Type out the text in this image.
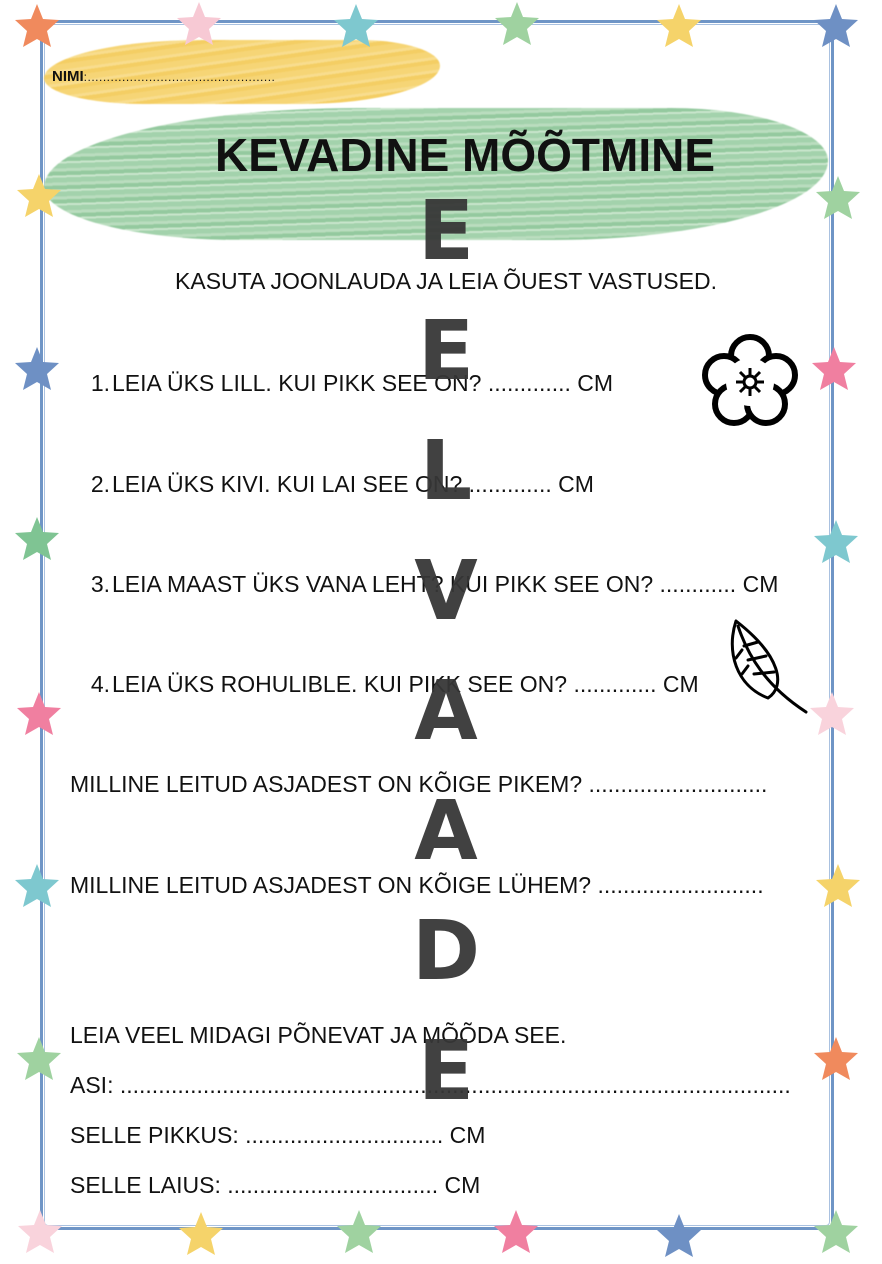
NIMI:.................................................
KEVADINE MÕÕTMINE
KASUTA JOONLAUDA JA LEIA ÕUEST VASTUSED.
1.LEIA ÜKS LILL. KUI PIKK SEE ON? ............. CM
2.LEIA ÜKS KIVI. KUI LAI SEE ON? ............. CM
3.LEIA MAAST ÜKS VANA LEHT? KUI PIKK SEE ON? ............ CM
4.LEIA ÜKS ROHULIBLE. KUI PIKK SEE ON? ............. CM
MILLINE LEITUD ASJADEST ON KÕIGE PIKEM? ............................
MILLINE LEITUD ASJADEST ON KÕIGE LÜHEM? ..........................
LEIA VEEL MIDAGI PÕNEVAT JA MÕÕDA SEE.
ASI: .........................................................................................................
SELLE PIKKUS: ............................... CM
SELLE LAIUS: ................................. CM
E
E
L
V
A
A
D
E
